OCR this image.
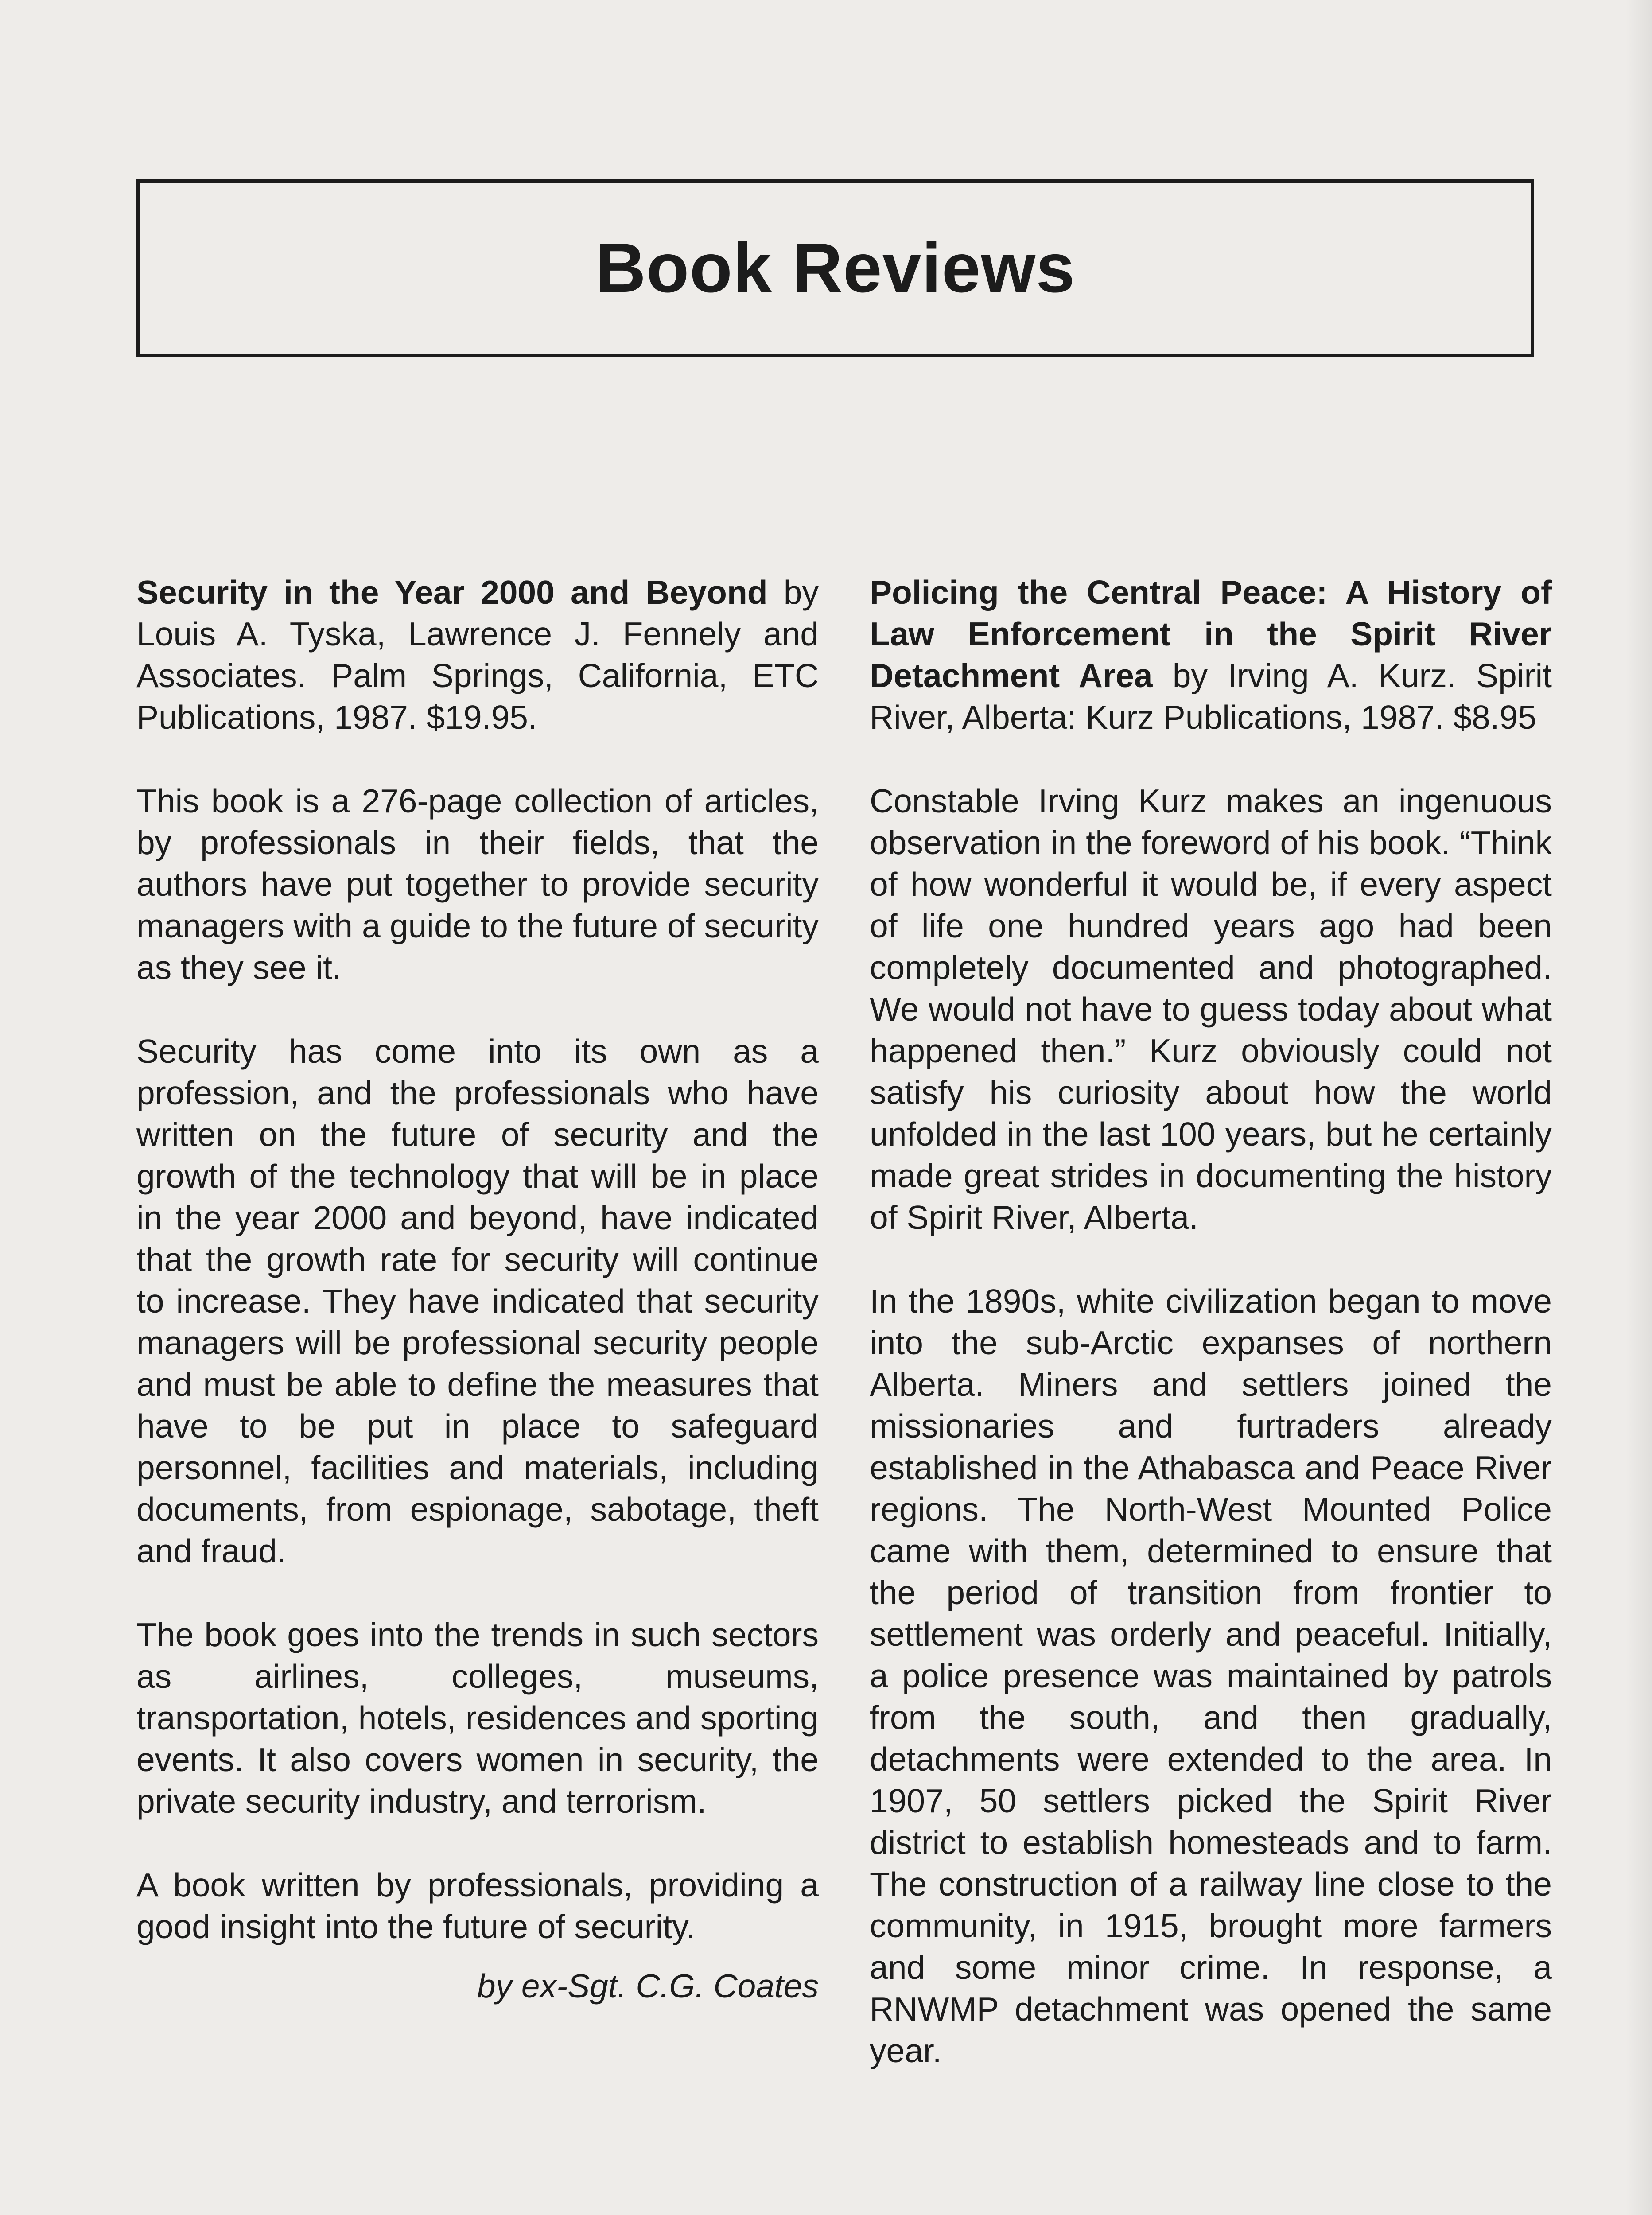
Book Reviews

Security in the Year 2000 and Beyond by Louis A. Tyska, Lawrence J. Fennely and Associates. Palm Springs, California, ETC Publications, 1987. $19.95.

This book is a 276-page collection of articles, by professionals in their fields, that the authors have put together to provide security managers with a guide to the future of security as they see it.

Security has come into its own as a profession, and the professionals who have written on the future of security and the growth of the technology that will be in place in the year 2000 and beyond, have indicated that the growth rate for security will continue to increase. They have indicated that security managers will be professional security people and must be able to define the measures that have to be put in place to safeguard personnel, facilities and materials, including documents, from espionage, sabotage, theft and fraud.

The book goes into the trends in such sectors as airlines, colleges, museums, transportation, hotels, residences and sporting events. It also covers women in security, the private security industry, and terrorism.

A book written by professionals, providing a good insight into the future of security.

by ex-Sgt. C.G. Coates

Policing the Central Peace: A History of Law Enforcement in the Spirit River Detachment Area by Irving A. Kurz. Spirit River, Alberta: Kurz Publications, 1987. $8.95

Constable Irving Kurz makes an ingenuous observation in the foreword of his book. “Think of how wonderful it would be, if every aspect of life one hundred years ago had been completely documented and photographed. We would not have to guess today about what happened then.” Kurz obviously could not satisfy his curiosity about how the world unfolded in the last 100 years, but he certainly made great strides in documenting the history of Spirit River, Alberta.

In the 1890s, white civilization began to move into the sub-Arctic expanses of northern Alberta. Miners and settlers joined the missionaries and furtraders already established in the Athabasca and Peace River regions. The North-West Mounted Police came with them, determined to ensure that the period of transition from frontier to settlement was orderly and peaceful. Initially, a police presence was maintained by patrols from the south, and then gradually, detachments were extended to the area. In 1907, 50 settlers picked the Spirit River district to establish homesteads and to farm. The construction of a railway line close to the community, in 1915, brought more farmers and some minor crime. In response, a RNWMP detachment was opened the same year.
